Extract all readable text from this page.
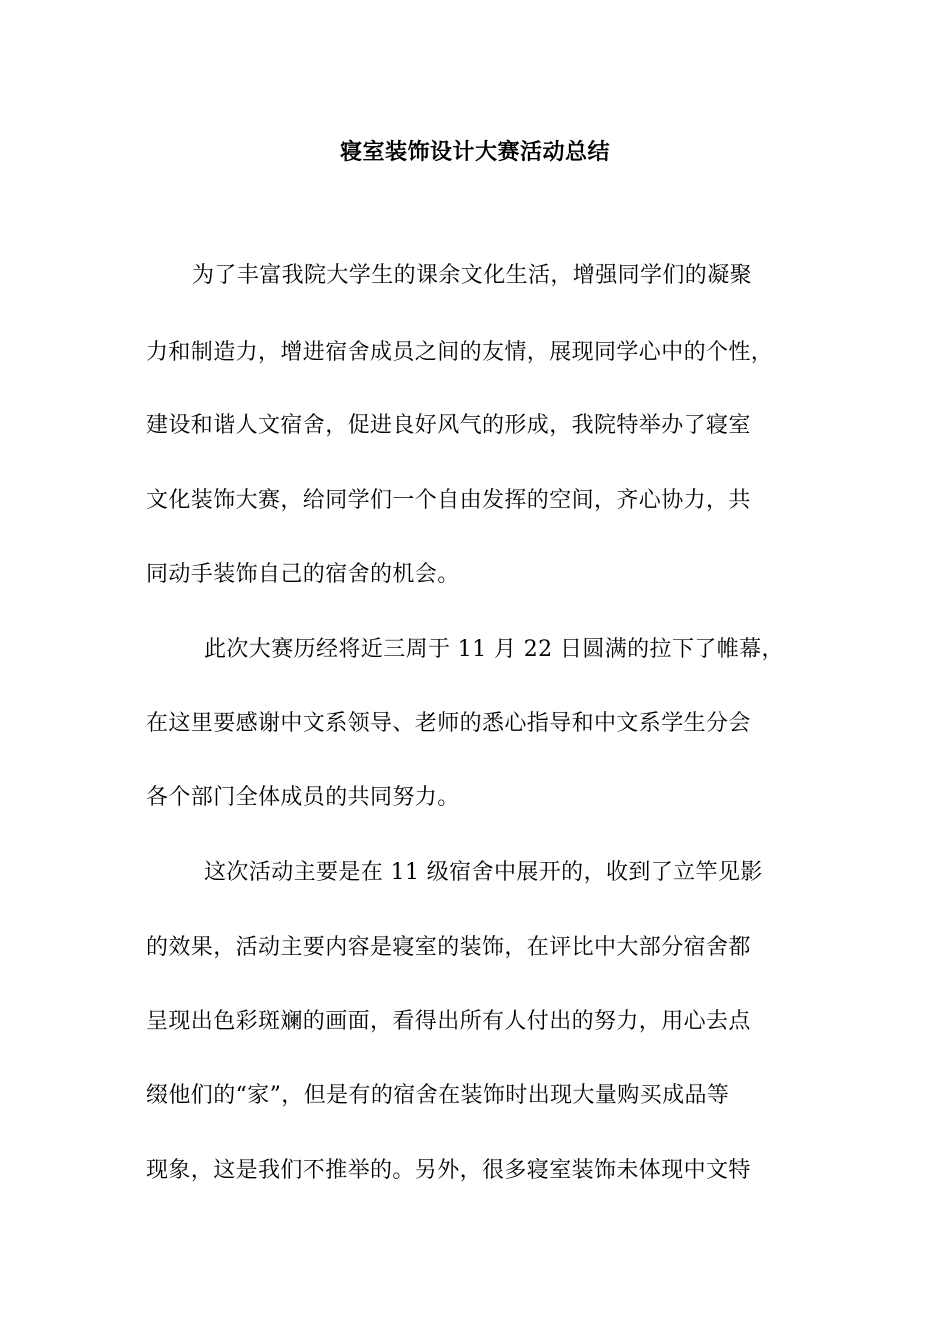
寝室装饰设计大赛活动总结
为了丰富我院大学生的课余文化生活，增强同学们的凝聚
力和制造力，增进宿舍成员之间的友情，展现同学心中的个性，
建设和谐人文宿舍，促进良好风气的形成，我院特举办了寝室
文化装饰大赛，给同学们一个自由发挥的空间，齐心协力，共
同动手装饰自己的宿舍的机会。
此次大赛历经将近三周于 11 月 22 日圆满的拉下了帷幕，
在这里要感谢中文系领导、老师的悉心指导和中文系学生分会
各个部门全体成员的共同努力。
这次活动主要是在 11 级宿舍中展开的，收到了立竿见影
的效果，活动主要内容是寝室的装饰，在评比中大部分宿舍都
呈现出色彩斑斓的画面，看得出所有人付出的努力，用心去点
缀他们的“家”，但是有的宿舍在装饰时出现大量购买成品等
现象，这是我们不推举的。另外，很多寝室装饰未体现中文特
